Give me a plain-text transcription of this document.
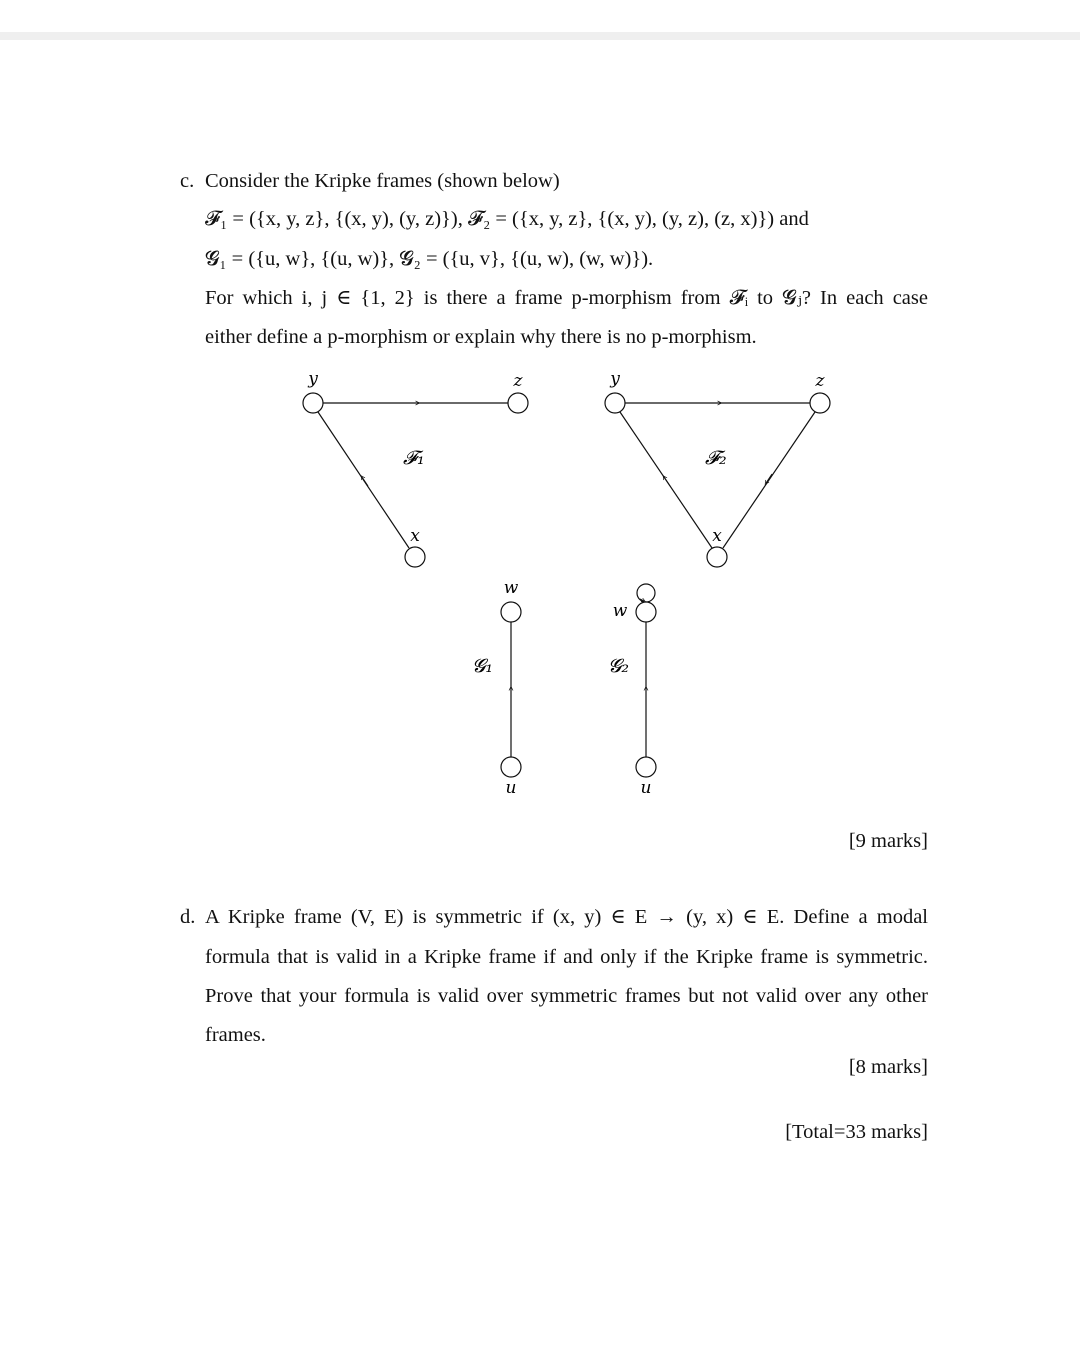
c. Consider the Kripke frames (shown below)
𝓕₁ = ({x, y, z}, {(x, y), (y, z)}), 𝓕₂ = ({x, y, z}, {(x, y), (y, z), (z, x)}) and
𝓖₁ = ({u, w}, {(u, w)}, 𝓖₂ = ({u, v}, {(u, w), (w, w)}).
For which i, j ∈ {1, 2} is there a frame p-morphism from 𝓕ᵢ to 𝓖ⱼ? In each case
either define a p-morphism or explain why there is no p-morphism.
y	z
x
𝓕₁
y	z
x
𝓕₂
w
u
𝓖₁
w
u
𝓖₂
[9 marks]
d. A Kripke frame (V, E) is symmetric if (x, y) ∈ E → (y, x) ∈ E. Define a modal
formula that is valid in a Kripke frame if and only if the Kripke frame is symmetric.
Prove that your formula is valid over symmetric frames but not valid over any other
frames.
[8 marks]
[Total=33 marks]
